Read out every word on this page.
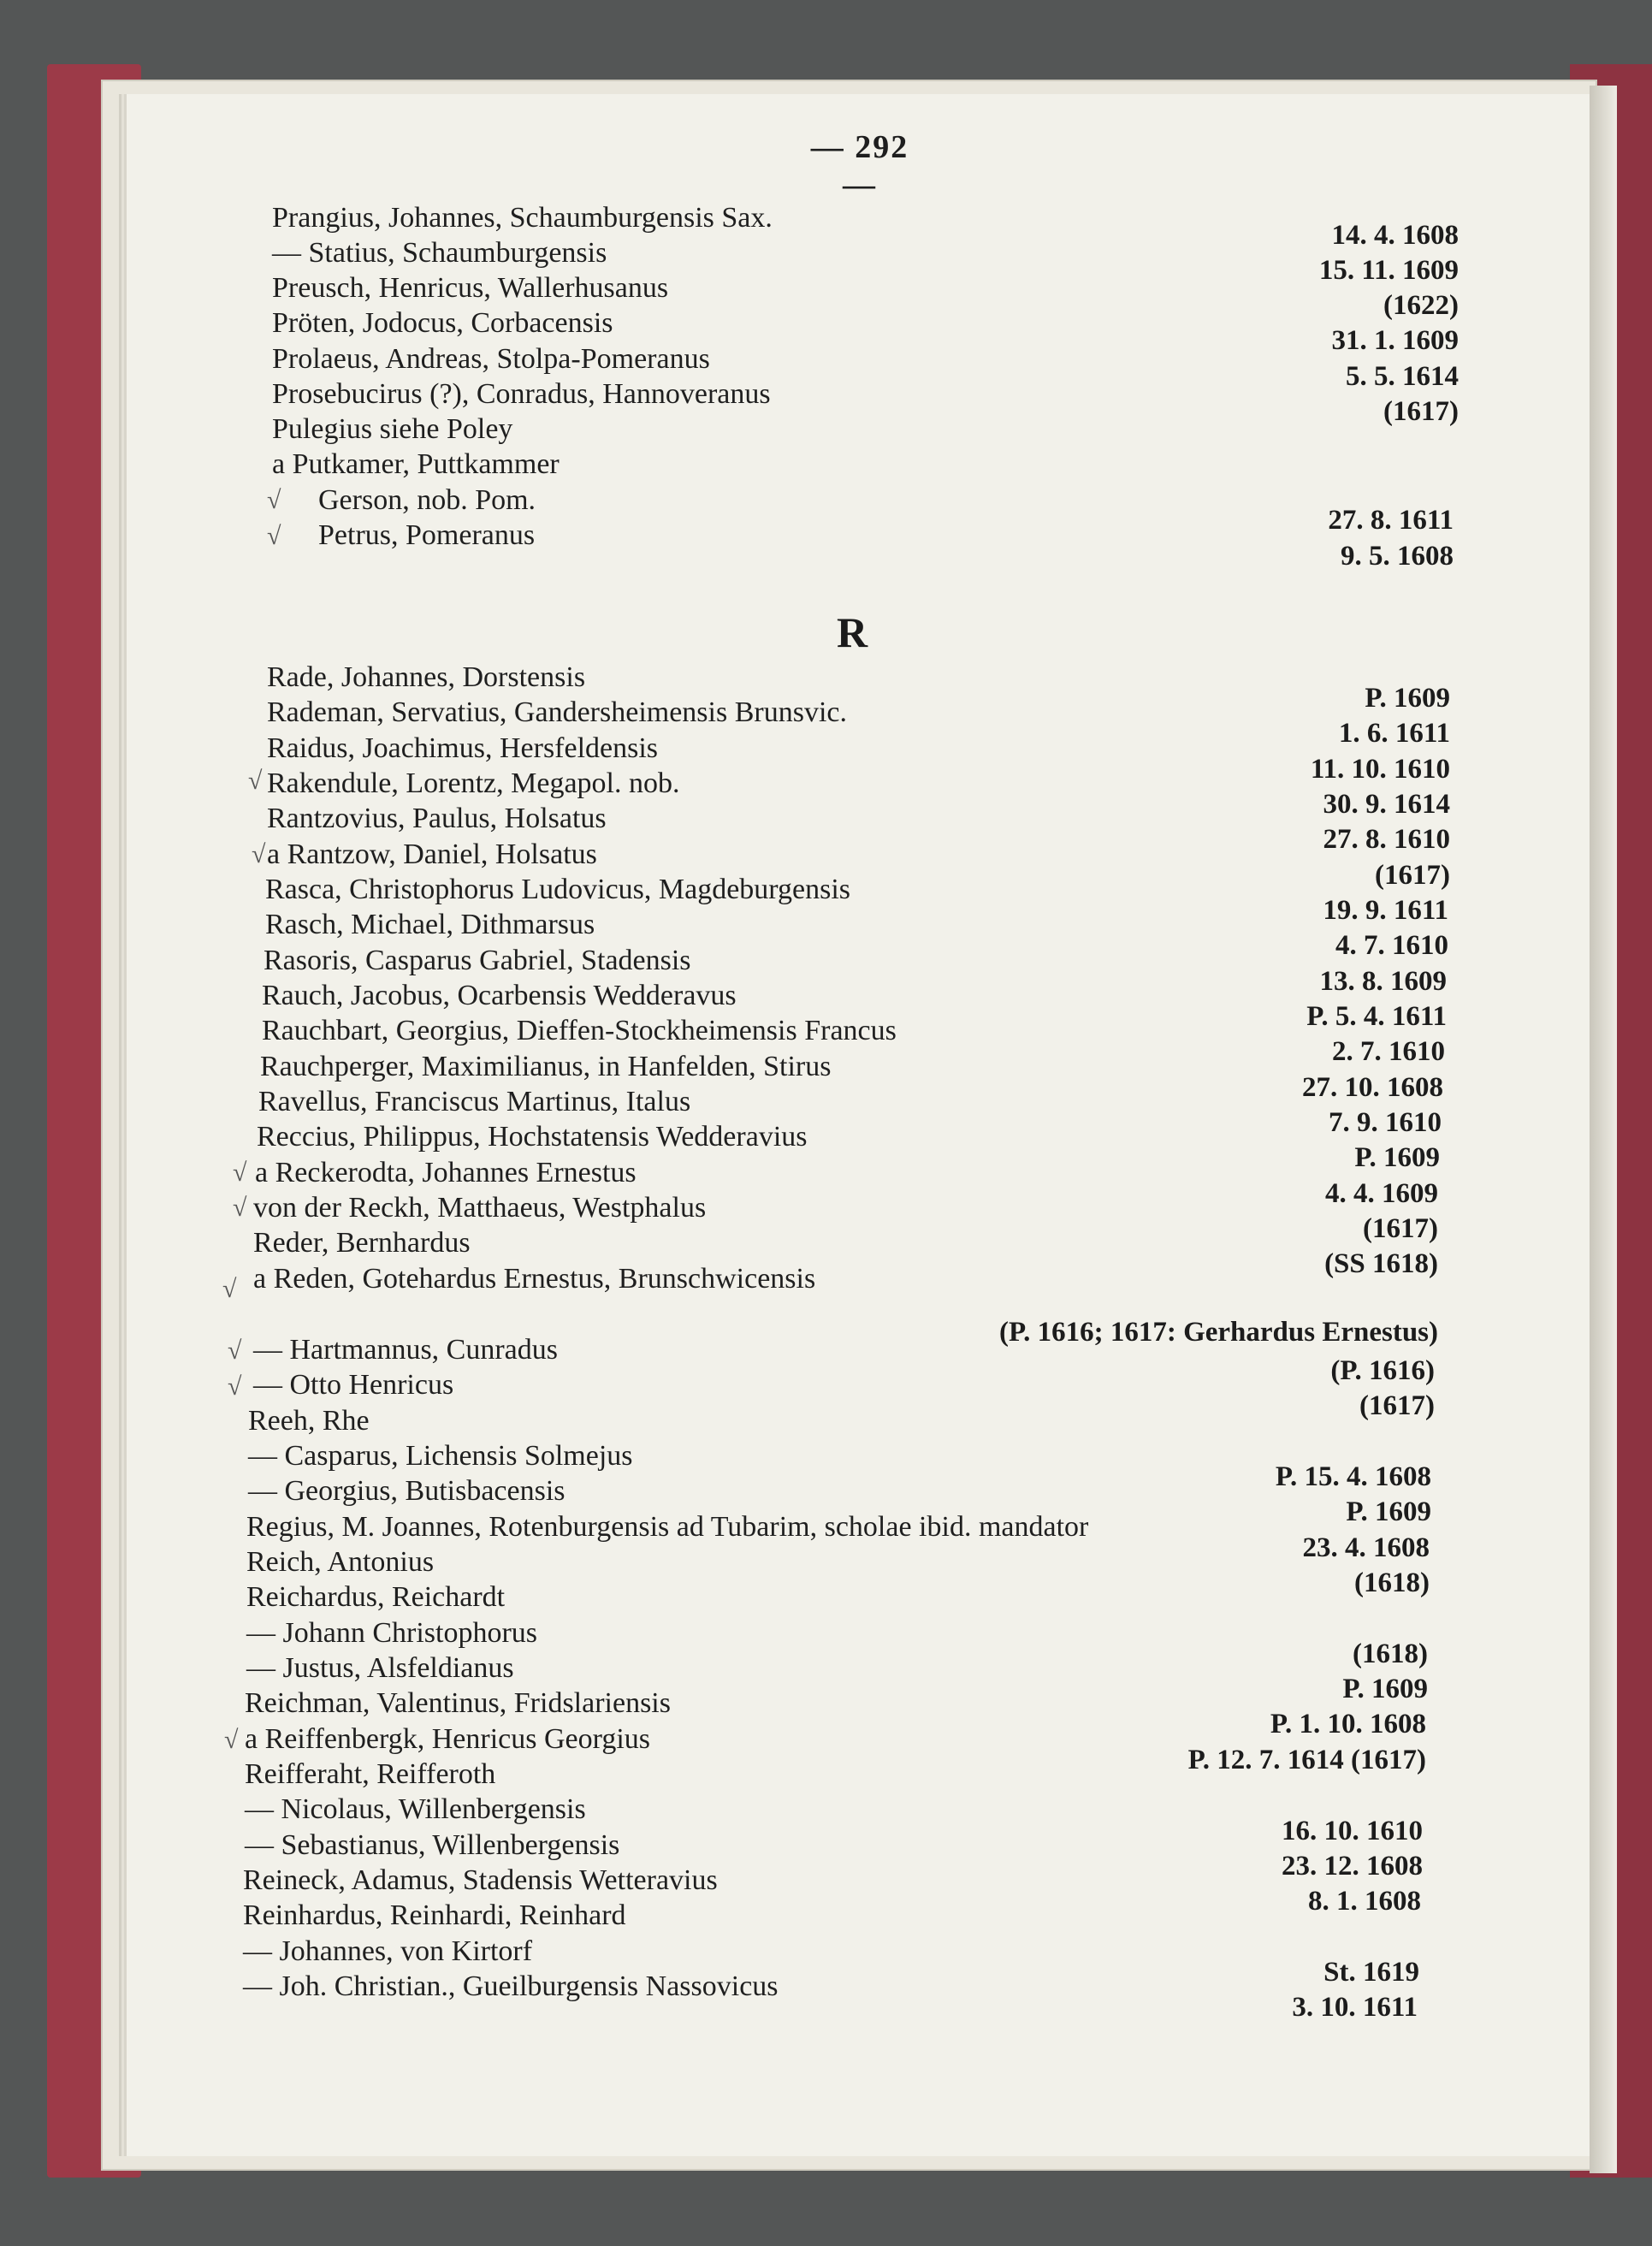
— 292 —
R
Prangius, Johannes, Schaumburgensis Sax.
— Statius, Schaumburgensis
Preusch, Henricus, Wallerhusanus
Pröten, Jodocus, Corbacensis
Prolaeus, Andreas, Stolpa-Pomeranus
Prosebucirus (?), Conradus, Hannoveranus
Pulegius siehe Poley
a Putkamer, Puttkammer
Gerson, nob. Pom.
Petrus, Pomeranus
Rade, Johannes, Dorstensis
Rademan, Servatius, Gandersheimensis Brunsvic.
Raidus, Joachimus, Hersfeldensis
Rakendule, Lorentz, Megapol. nob.
Rantzovius, Paulus, Holsatus
a Rantzow, Daniel, Holsatus
Rasca, Christophorus Ludovicus, Magdeburgensis
Rasch, Michael, Dithmarsus
Rasoris, Casparus Gabriel, Stadensis
Rauch, Jacobus, Ocarbensis Wedderavus
Rauchbart, Georgius, Dieffen-Stockheimensis Francus
Rauchperger, Maximilianus, in Hanfelden, Stirus
Ravellus, Franciscus Martinus, Italus
Reccius, Philippus, Hochstatensis Wedderavius
a Reckerodta, Johannes Ernestus
von der Reckh, Matthaeus, Westphalus
Reder, Bernhardus
a Reden, Gotehardus Ernestus, Brunschwicensis
— Hartmannus, Cunradus
— Otto Henricus
Reeh, Rhe
— Casparus, Lichensis Solmejus
— Georgius, Butisbacensis
Regius, M. Joannes, Rotenburgensis ad Tubarim, scholae ibid. mandator
Reich, Antonius
Reichardus, Reichardt
— Johann Christophorus
— Justus, Alsfeldianus
Reichman, Valentinus, Fridslariensis
a Reiffenbergk, Henricus Georgius
Reifferaht, Reifferoth
— Nicolaus, Willenbergensis
— Sebastianus, Willenbergensis
Reineck, Adamus, Stadensis Wetteravius
Reinhardus, Reinhardi, Reinhard
— Johannes, von Kirtorf
— Joh. Christian., Gueilburgensis Nassovicus
14. 4. 1608
15. 11. 1609
(1622)
31. 1. 1609
5. 5. 1614
(1617)
27. 8. 1611
9. 5. 1608
P. 1609
1. 6. 1611
11. 10. 1610
30. 9. 1614
27. 8. 1610
(1617)
19. 9. 1611
4. 7. 1610
13. 8. 1609
P. 5. 4. 1611
2. 7. 1610
27. 10. 1608
7. 9. 1610
P. 1609
4. 4. 1609
(1617)
(SS 1618)
(P. 1616; 1617: Gerhardus Ernestus)
(P. 1616)
(1617)
P. 15. 4. 1608
P. 1609
23. 4. 1608
(1618)
(1618)
P. 1609
P. 1. 10. 1608
P. 12. 7. 1614 (1617)
16. 10. 1610
23. 12. 1608
8. 1. 1608
St. 1619
3. 10. 1611
√
√
√
√
√
√
√
√
√
√
